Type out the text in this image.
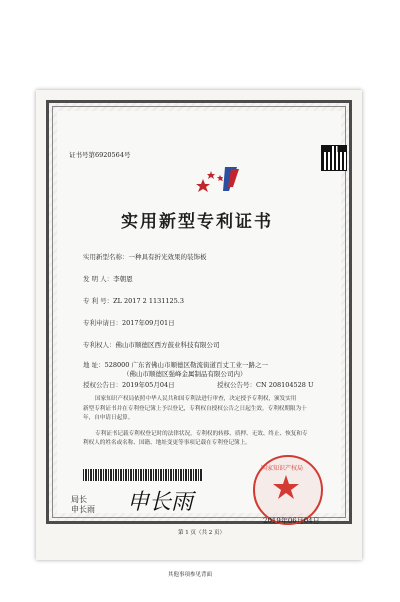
证书号第6920564号
实用新型专利证书
实用新型名称：一种具有折光效果的装饰板
发 明 人：李朝恩
专 利 号：ZL 2017 2 1131125.3
专利申请日：2017年09月01日
专利权人：佛山市顺德区西方鼓业科技有限公司
地 址：528000 广东省佛山市顺德区勒流街道百丈工业一路之一
（佛山市顺德区强峰金属制品有限公司内）
授权公告日：2019年05月04日	授权公告号：CN 208104528 U
国家知识产权局依照中华人民共和国专利法进行审查，决定授予专利权，颁发实用
新型专利证书并在专利登记簿上予以登记，专利权自授权公告之日起生效。专利权期限为十
年，自申请日起算。
专利证书记载专利权登记时的法律状况，专利权的转移、质押、无效、终止、恢复和专
利权人的姓名或名称、国籍、地址变更等事项记载在专利登记簿上。
局长
申长雨 申长雨
国家知识产权局
2019年06月04日
第 1 页（共 2 页）
其他事项参见背面
